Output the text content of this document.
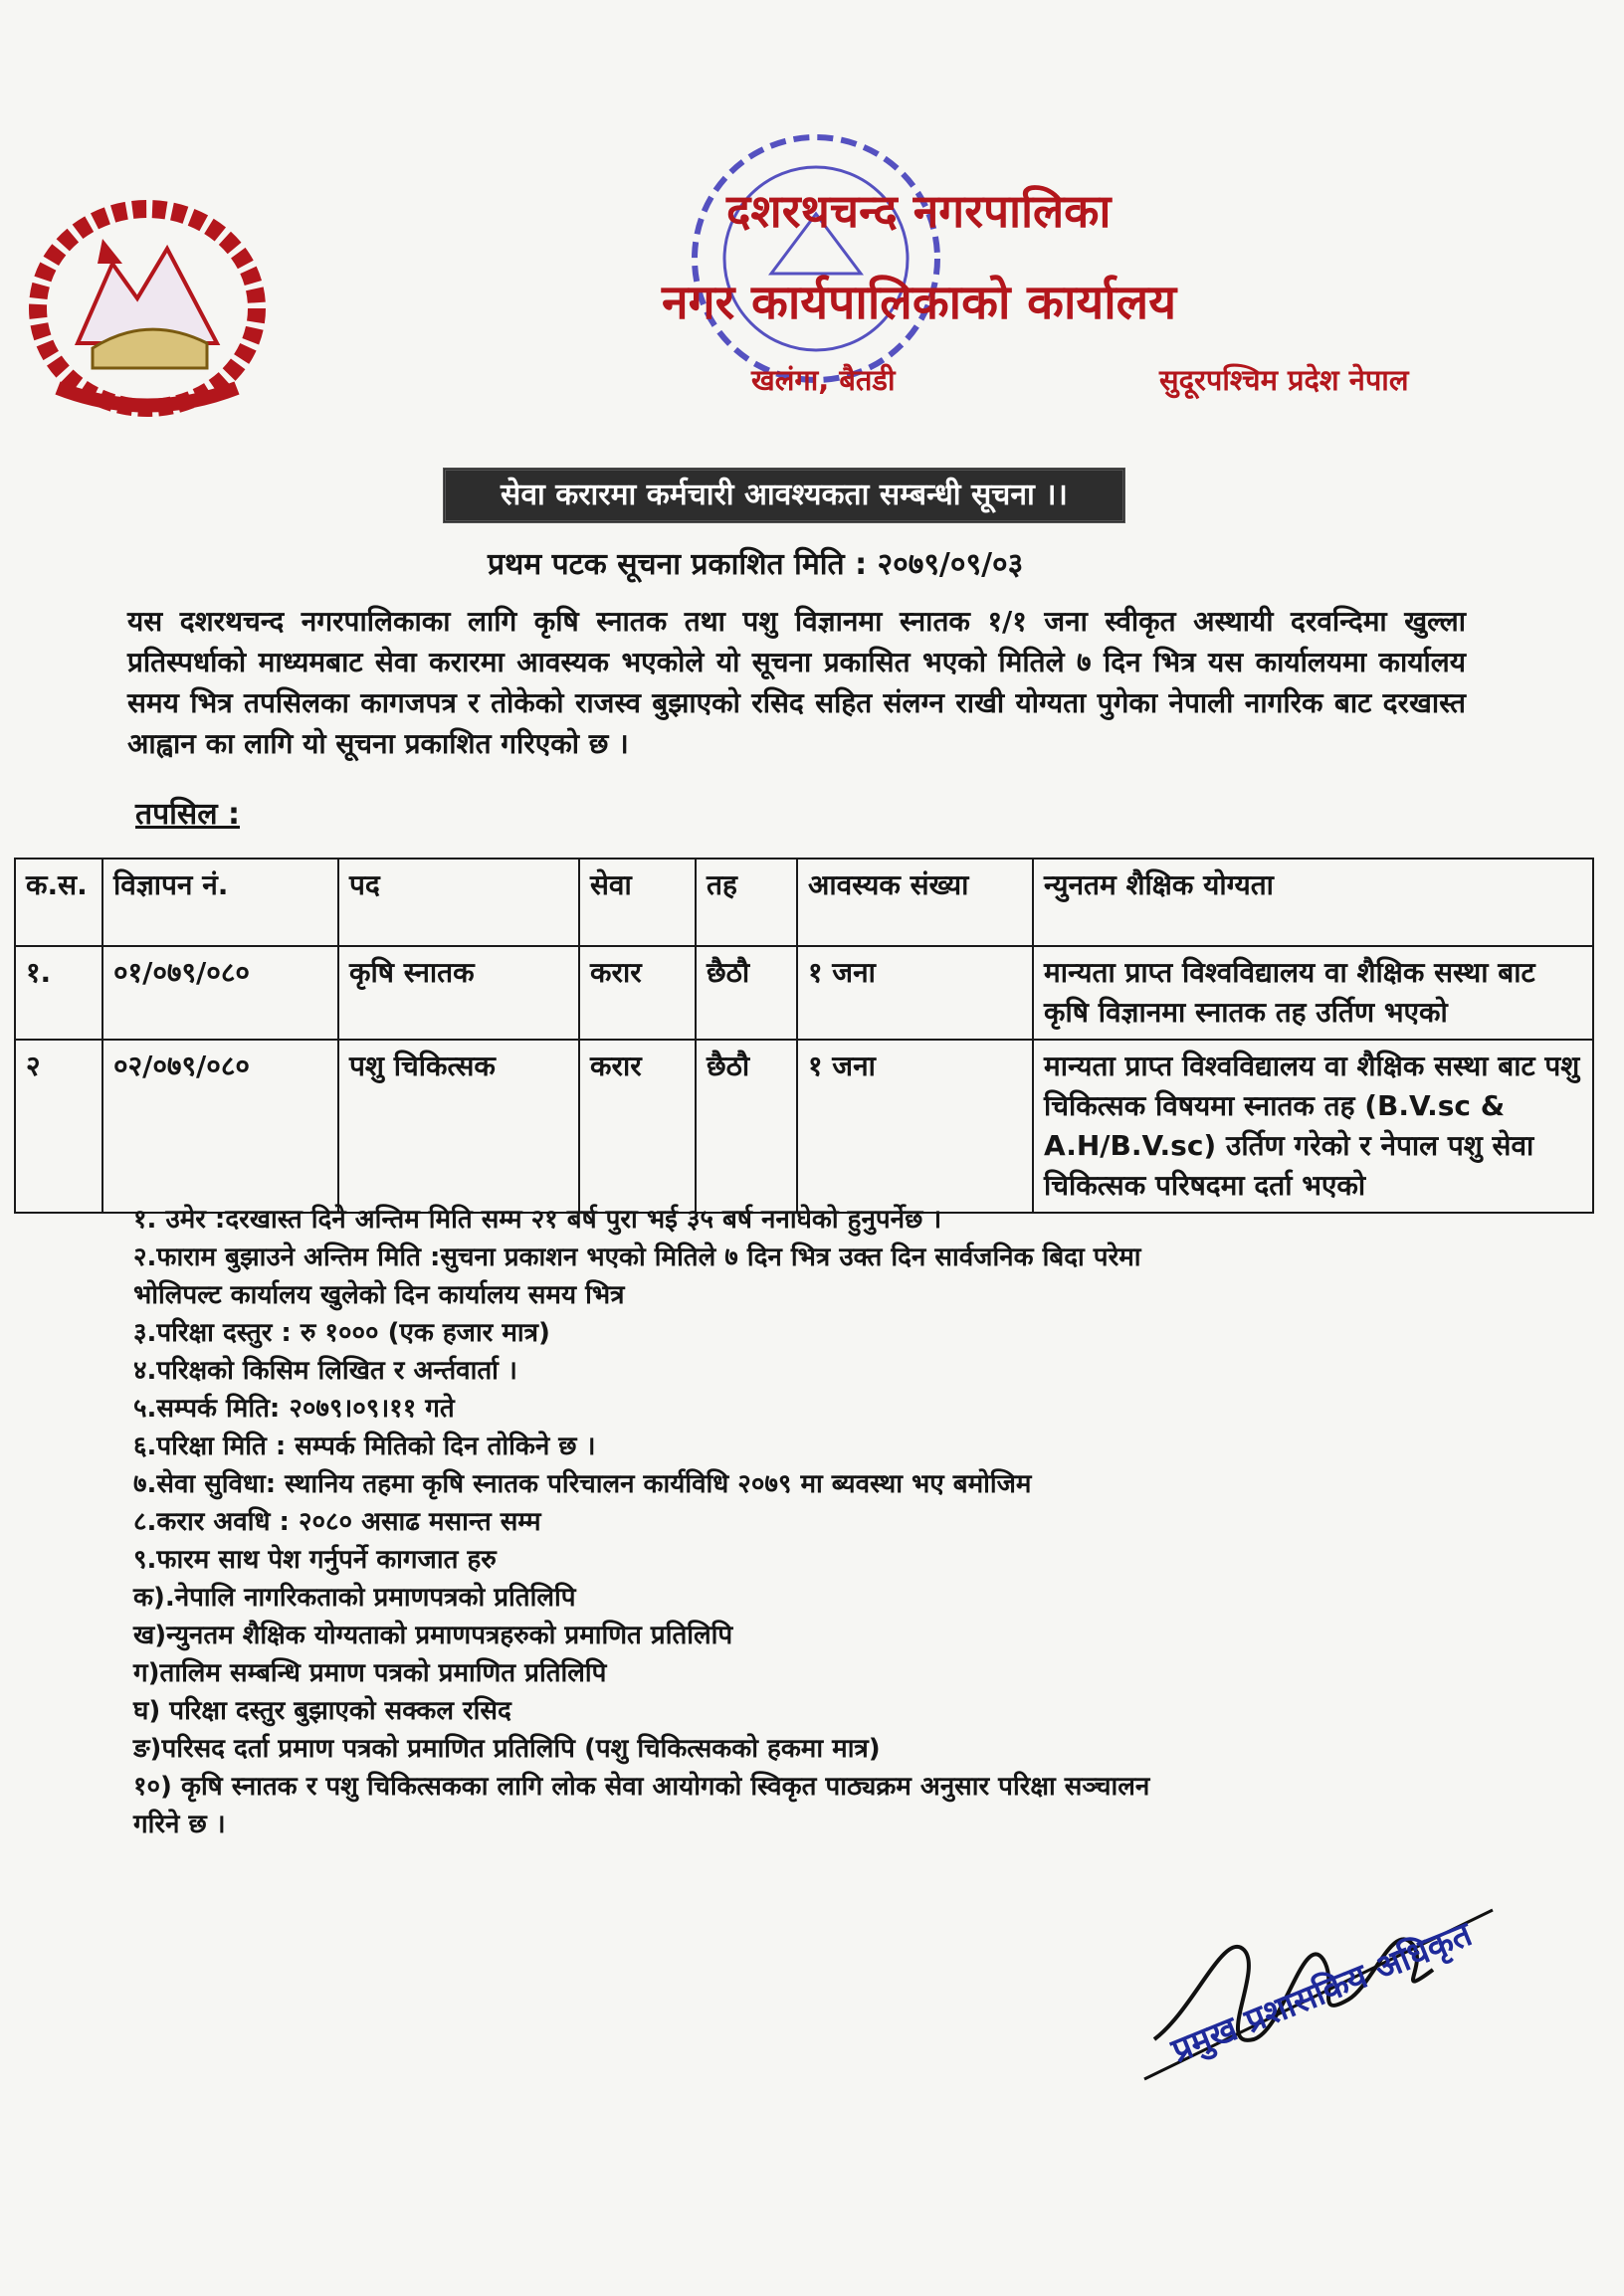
दशरथचन्द नगरपालिका
नगर कार्यपालिकाको कार्यालय
खलंगा, बैतडी	सुदूरपश्चिम प्रदेश नेपाल
सेवा करारमा कर्मचारी आवश्यकता सम्बन्धी सूचना ।।
प्रथम पटक सूचना प्रकाशित मिति : २०७९/०९/०३
यस दशरथचन्द नगरपालिकाका लागि कृषि स्नातक तथा पशु विज्ञानमा स्नातक १/१ जना स्वीकृत अस्थायी दरवन्दिमा खुल्ला प्रतिस्पर्धाको माध्यमबाट सेवा करारमा आवस्यक भएकोले यो सूचना प्रकासित भएको मितिले ७ दिन भित्र यस कार्यालयमा कार्यालय समय भित्र तपसिलका कागजपत्र र तोकेको राजस्व बुझाएको रसिद सहित संलग्न राखी योग्यता पुगेका नेपाली नागरिक बाट दरखास्त आह्वान का लागि यो सूचना प्रकाशित गरिएको छ ।
तपसिल :
क.स.	विज्ञापन नं.	पद	सेवा	तह	आवस्यक संख्या	न्युनतम शैक्षिक योग्यता
१.	०१/०७९/०८०	कृषि स्नातक	करार	छैठौ	१ जना	मान्यता प्राप्त विश्वविद्यालय वा शैक्षिक सस्था बाट कृषि विज्ञानमा स्नातक तह उर्तिण भएको
२	०२/०७९/०८०	पशु चिकित्सक	करार	छैठौ	१ जना	मान्यता प्राप्त विश्वविद्यालय वा शैक्षिक सस्था बाट पशु चिकित्सक विषयमा स्नातक तह (B.V.sc & A.H/B.V.sc) उर्तिण गरेको र नेपाल पशु सेवा चिकित्सक परिषदमा दर्ता भएको
१. उमेर :दरखास्त दिने अन्तिम मिति सम्म २१ बर्ष पुरा भई ३५ बर्ष ननाघेको हुनुपर्नेछ ।
२.फाराम बुझाउने अन्तिम मिति :सुचना प्रकाशन भएको मितिले ७ दिन भित्र उक्त दिन सार्वजनिक बिदा परेमा
भोलिपल्ट कार्यालय खुलेको दिन कार्यालय समय भित्र
३.परिक्षा दस्तुर : रु १००० (एक हजार मात्र)
४.परिक्षको किसिम लिखित र अर्न्तवार्ता ।
५.सम्पर्क मिति: २०७९।०९।११ गते
६.परिक्षा मिति : सम्पर्क मितिको दिन तोकिने छ ।
७.सेवा सुविधा: स्थानिय तहमा कृषि स्नातक परिचालन कार्यविधि २०७९ मा ब्यवस्था भए बमोजिम
८.करार अवधि : २०८० असाढ मसान्त सम्म
९.फारम साथ पेश गर्नुपर्ने कागजात हरु
क).नेपालि नागरिकताको प्रमाणपत्रको प्रतिलिपि
ख)न्युनतम शैक्षिक योग्यताको प्रमाणपत्रहरुको प्रमाणित प्रतिलिपि
ग)तालिम सम्बन्धि प्रमाण पत्रको प्रमाणित प्रतिलिपि
घ) परिक्षा दस्तुर बुझाएको सक्कल रसिद
ङ)परिसद दर्ता प्रमाण पत्रको प्रमाणित प्रतिलिपि (पशु चिकित्सकको हकमा मात्र)
१०) कृषि स्नातक र पशु चिकित्सकका लागि लोक सेवा आयोगको स्विकृत पाठ्यक्रम अनुसार परिक्षा सञ्चालन
गरिने छ ।
प्रमुख प्रशासकिय अधिकृत
